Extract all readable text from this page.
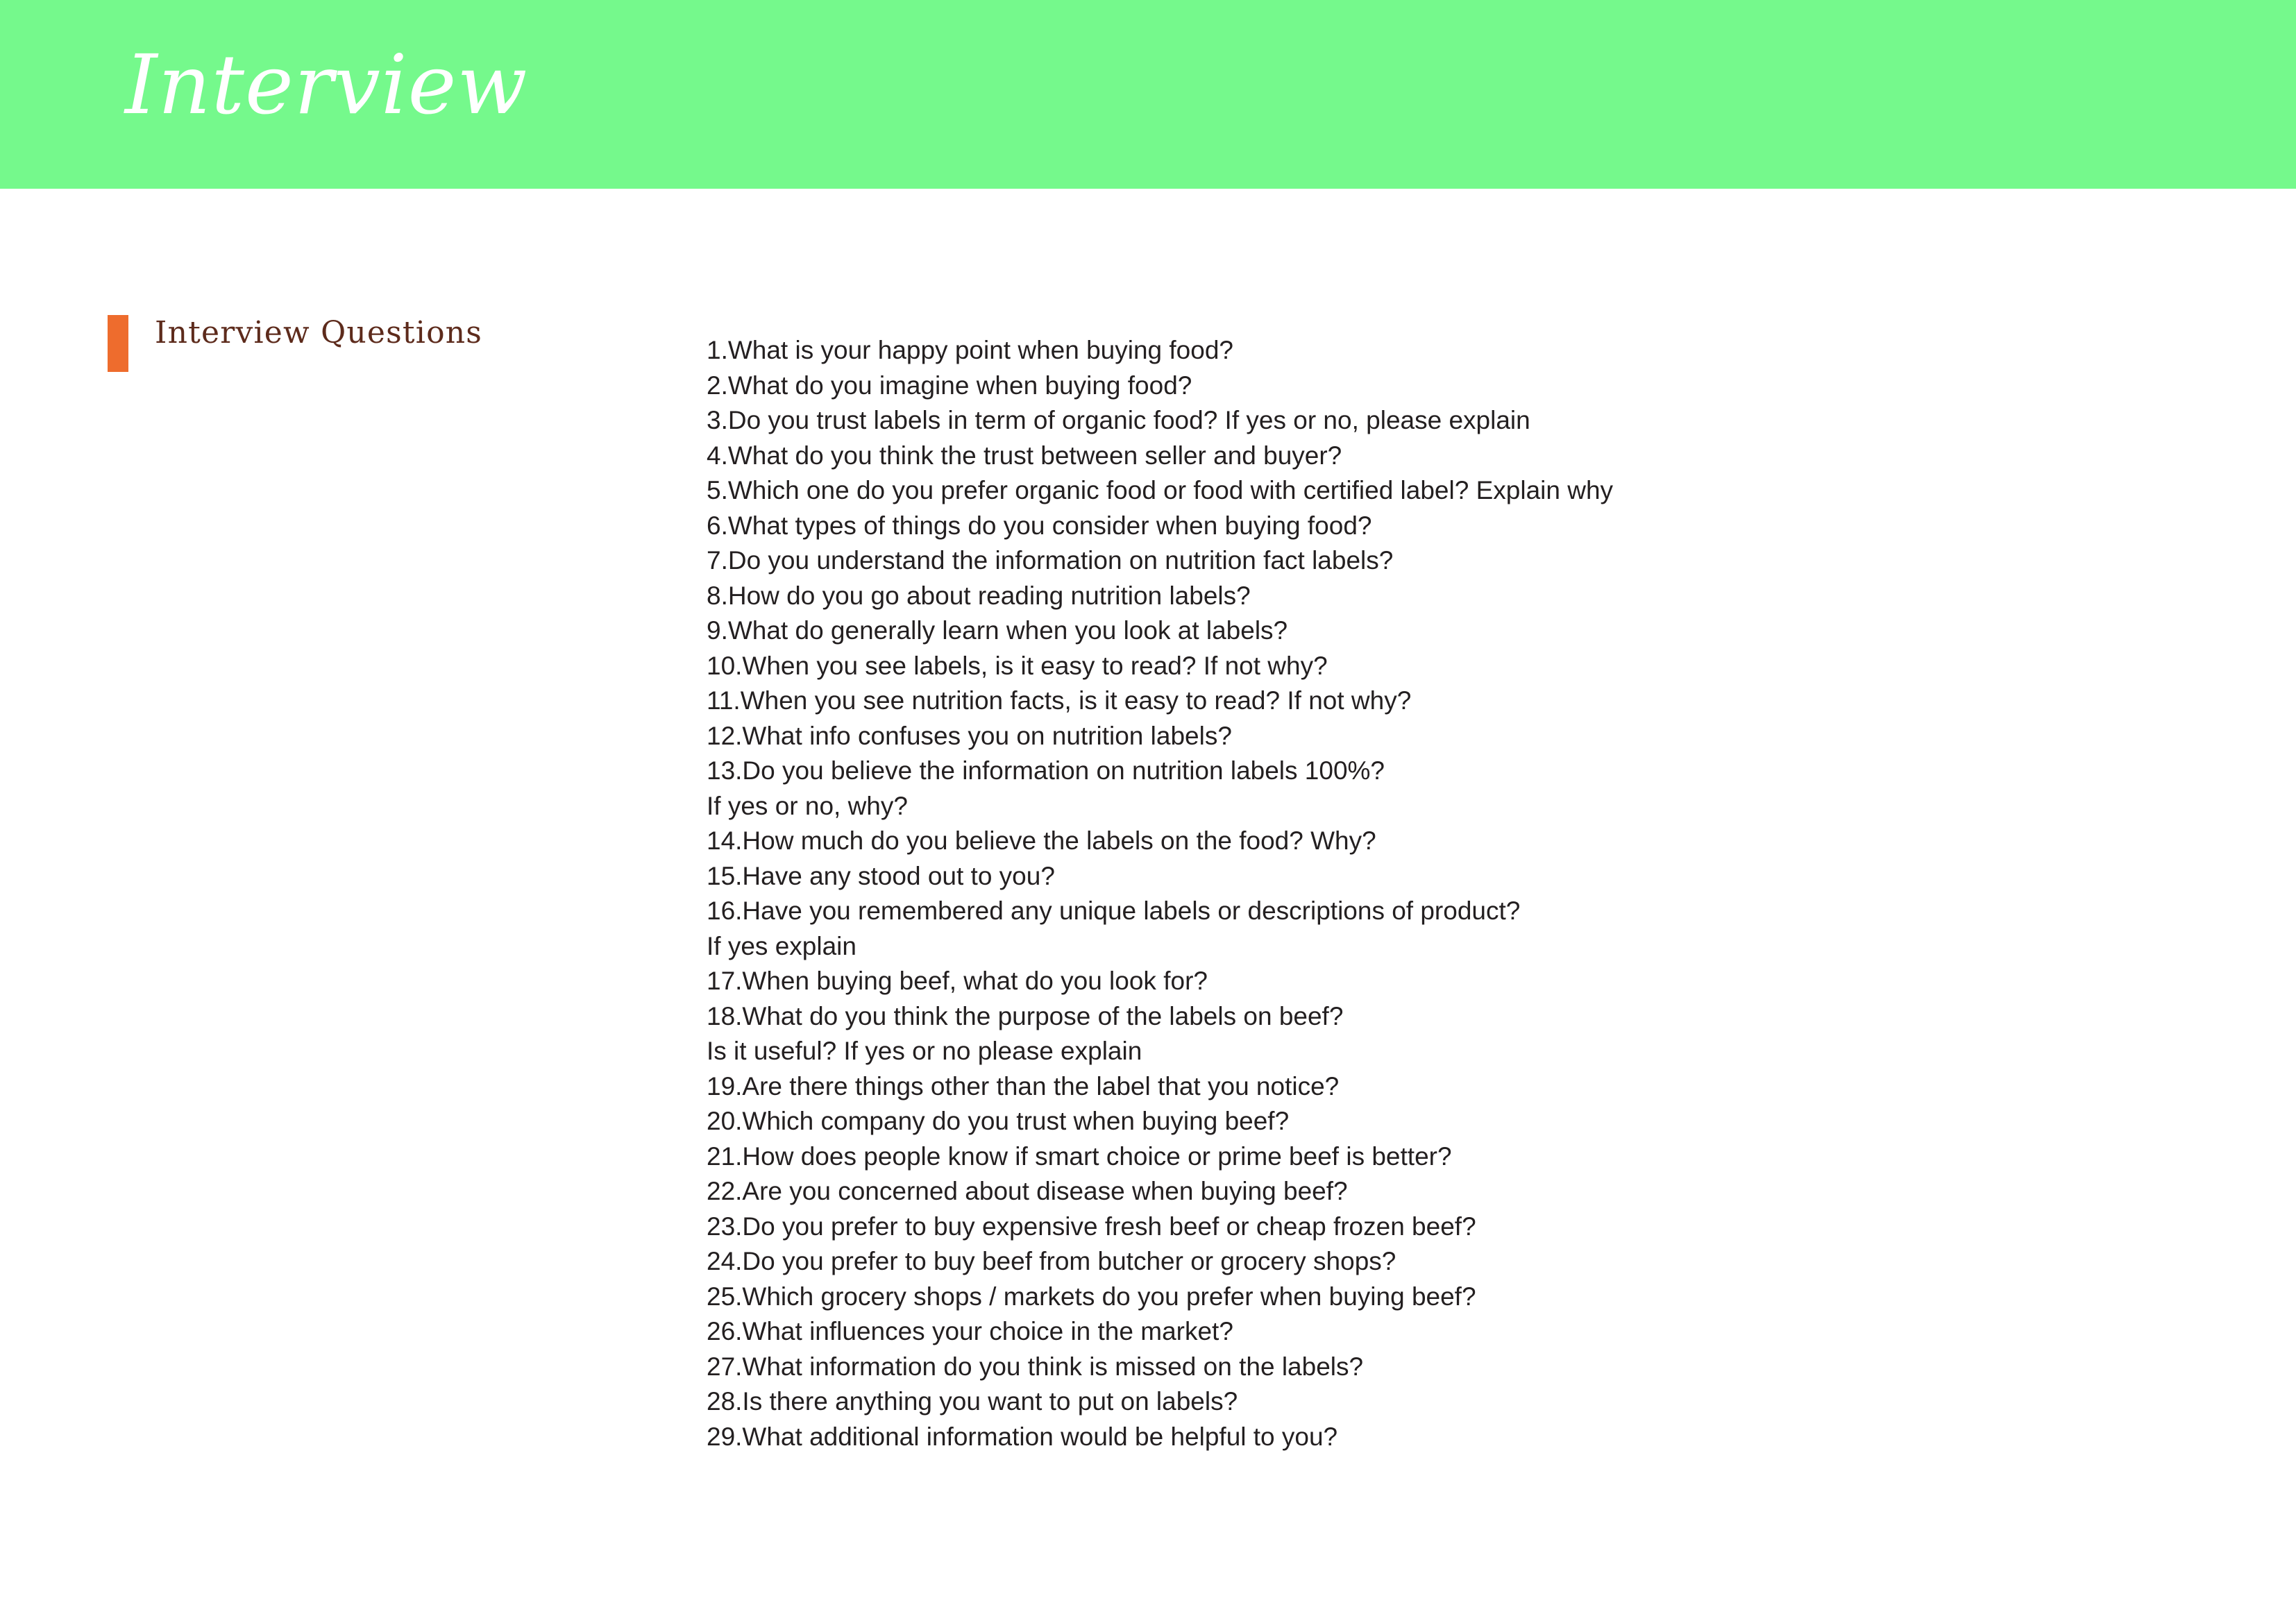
Interview
Interview Questions	1.What is your happy point when buying food?
2.What do you imagine when buying food?
3.Do you trust labels in term of organic food? If yes or no, please explain
4.What do you think the trust between seller and buyer?
5.Which one do you prefer organic food or food with certified label? Explain why
6.What types of things do you consider when buying food?
7.Do you understand the information on nutrition fact labels?
8.How do you go about reading nutrition labels?
9.What do generally learn when you look at labels?
10.When you see labels, is it easy to read? If not why?
11.When you see nutrition facts, is it easy to read? If not why?
12.What info confuses you on nutrition labels?
13.Do you believe the information on nutrition labels 100%?
If yes or no, why?
14.How much do you believe the labels on the food? Why?
15.Have any stood out to you?
16.Have you remembered any unique labels or descriptions of product?
If yes explain
17.When buying beef, what do you look for?
18.What do you think the purpose of the labels on beef?
Is it useful? If yes or no please explain
19.Are there things other than the label that you notice?
20.Which company do you trust when buying beef?
21.How does people know if smart choice or prime beef is better?
22.Are you concerned about disease when buying beef?
23.Do you prefer to buy expensive fresh beef or cheap frozen beef?
24.Do you prefer to buy beef from butcher or grocery shops?
25.Which grocery shops / markets do you prefer when buying beef?
26.What influences your choice in the market?
27.What information do you think is missed on the labels?
28.Is there anything you want to put on labels?
29.What additional information would be helpful to you?
